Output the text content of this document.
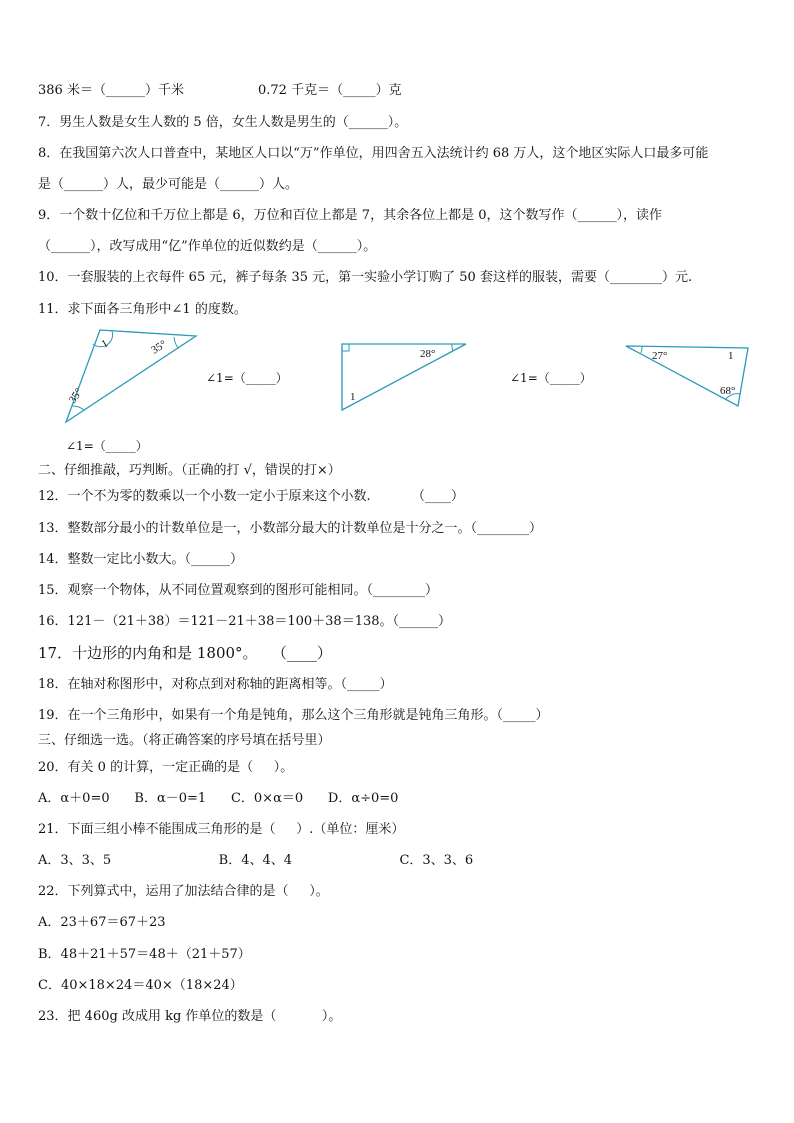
386 米＝（______）千米	0.72 千克＝（_____）克
7．男生人数是女生人数的 5 倍，女生人数是男生的（______）。
8．在我国第六次人口普查中，某地区人口以“万”作单位，用四舍五入法统计约 68 万人，这个地区实际人口最多可能
是（______）人，最少可能是（______）人。
9．一个数十亿位和千万位上都是 6，万位和百位上都是 7，其余各位上都是 0，这个数写作（______），读作
（______），改写成用“亿”作单位的近似数约是（______）。
10．一套服装的上衣每件 65 元，裤子每条 35 元，第一实验小学订购了 50 套这样的服装，需要（________）元.
11．求下面各三角形中∠1 的度数。
1	35°
35°
∠1=（_____）
28°
1
∠1=（_____）
27°	1
68°
∠1=（_____）
二、仔细推敲，巧判断。（正确的打 √，错误的打×）
12．一个不为零的数乘以一个小数一定小于原来这个小数.          （____）
13．整数部分最小的计数单位是一，小数部分最大的计数单位是十分之一。（________）
14．整数一定比小数大。（______）
15．观察一个物体，从不同位置观察到的图形可能相同。（________）
16．121－（21＋38）＝121－21＋38＝100＋38＝138。（______）
17．十边形的内角和是 1800°。   （____）
18．在轴对称图形中，对称点到对称轴的距离相等。（_____）
19．在一个三角形中，如果有一个角是钝角，那么这个三角形就是钝角三角形。（_____）
三、仔细选一选。（将正确答案的序号填在括号里）
20．有关 0 的计算，一定正确的是（     ）。
A．α＋0=0      B．α－0=1      C．0×α＝0      D．α÷0=0
21．下面三组小棒不能围成三角形的是（     ）.（单位：厘米）
A．3、3、5                          B．4、4、4                          C．3、3、6
22．下列算式中，运用了加法结合律的是（     ）。
A．23＋67＝67＋23
B．48＋21＋57＝48＋（21＋57）
C．40×18×24＝40×（18×24）
23．把 460g 改成用 kg 作单位的数是（           ）。
